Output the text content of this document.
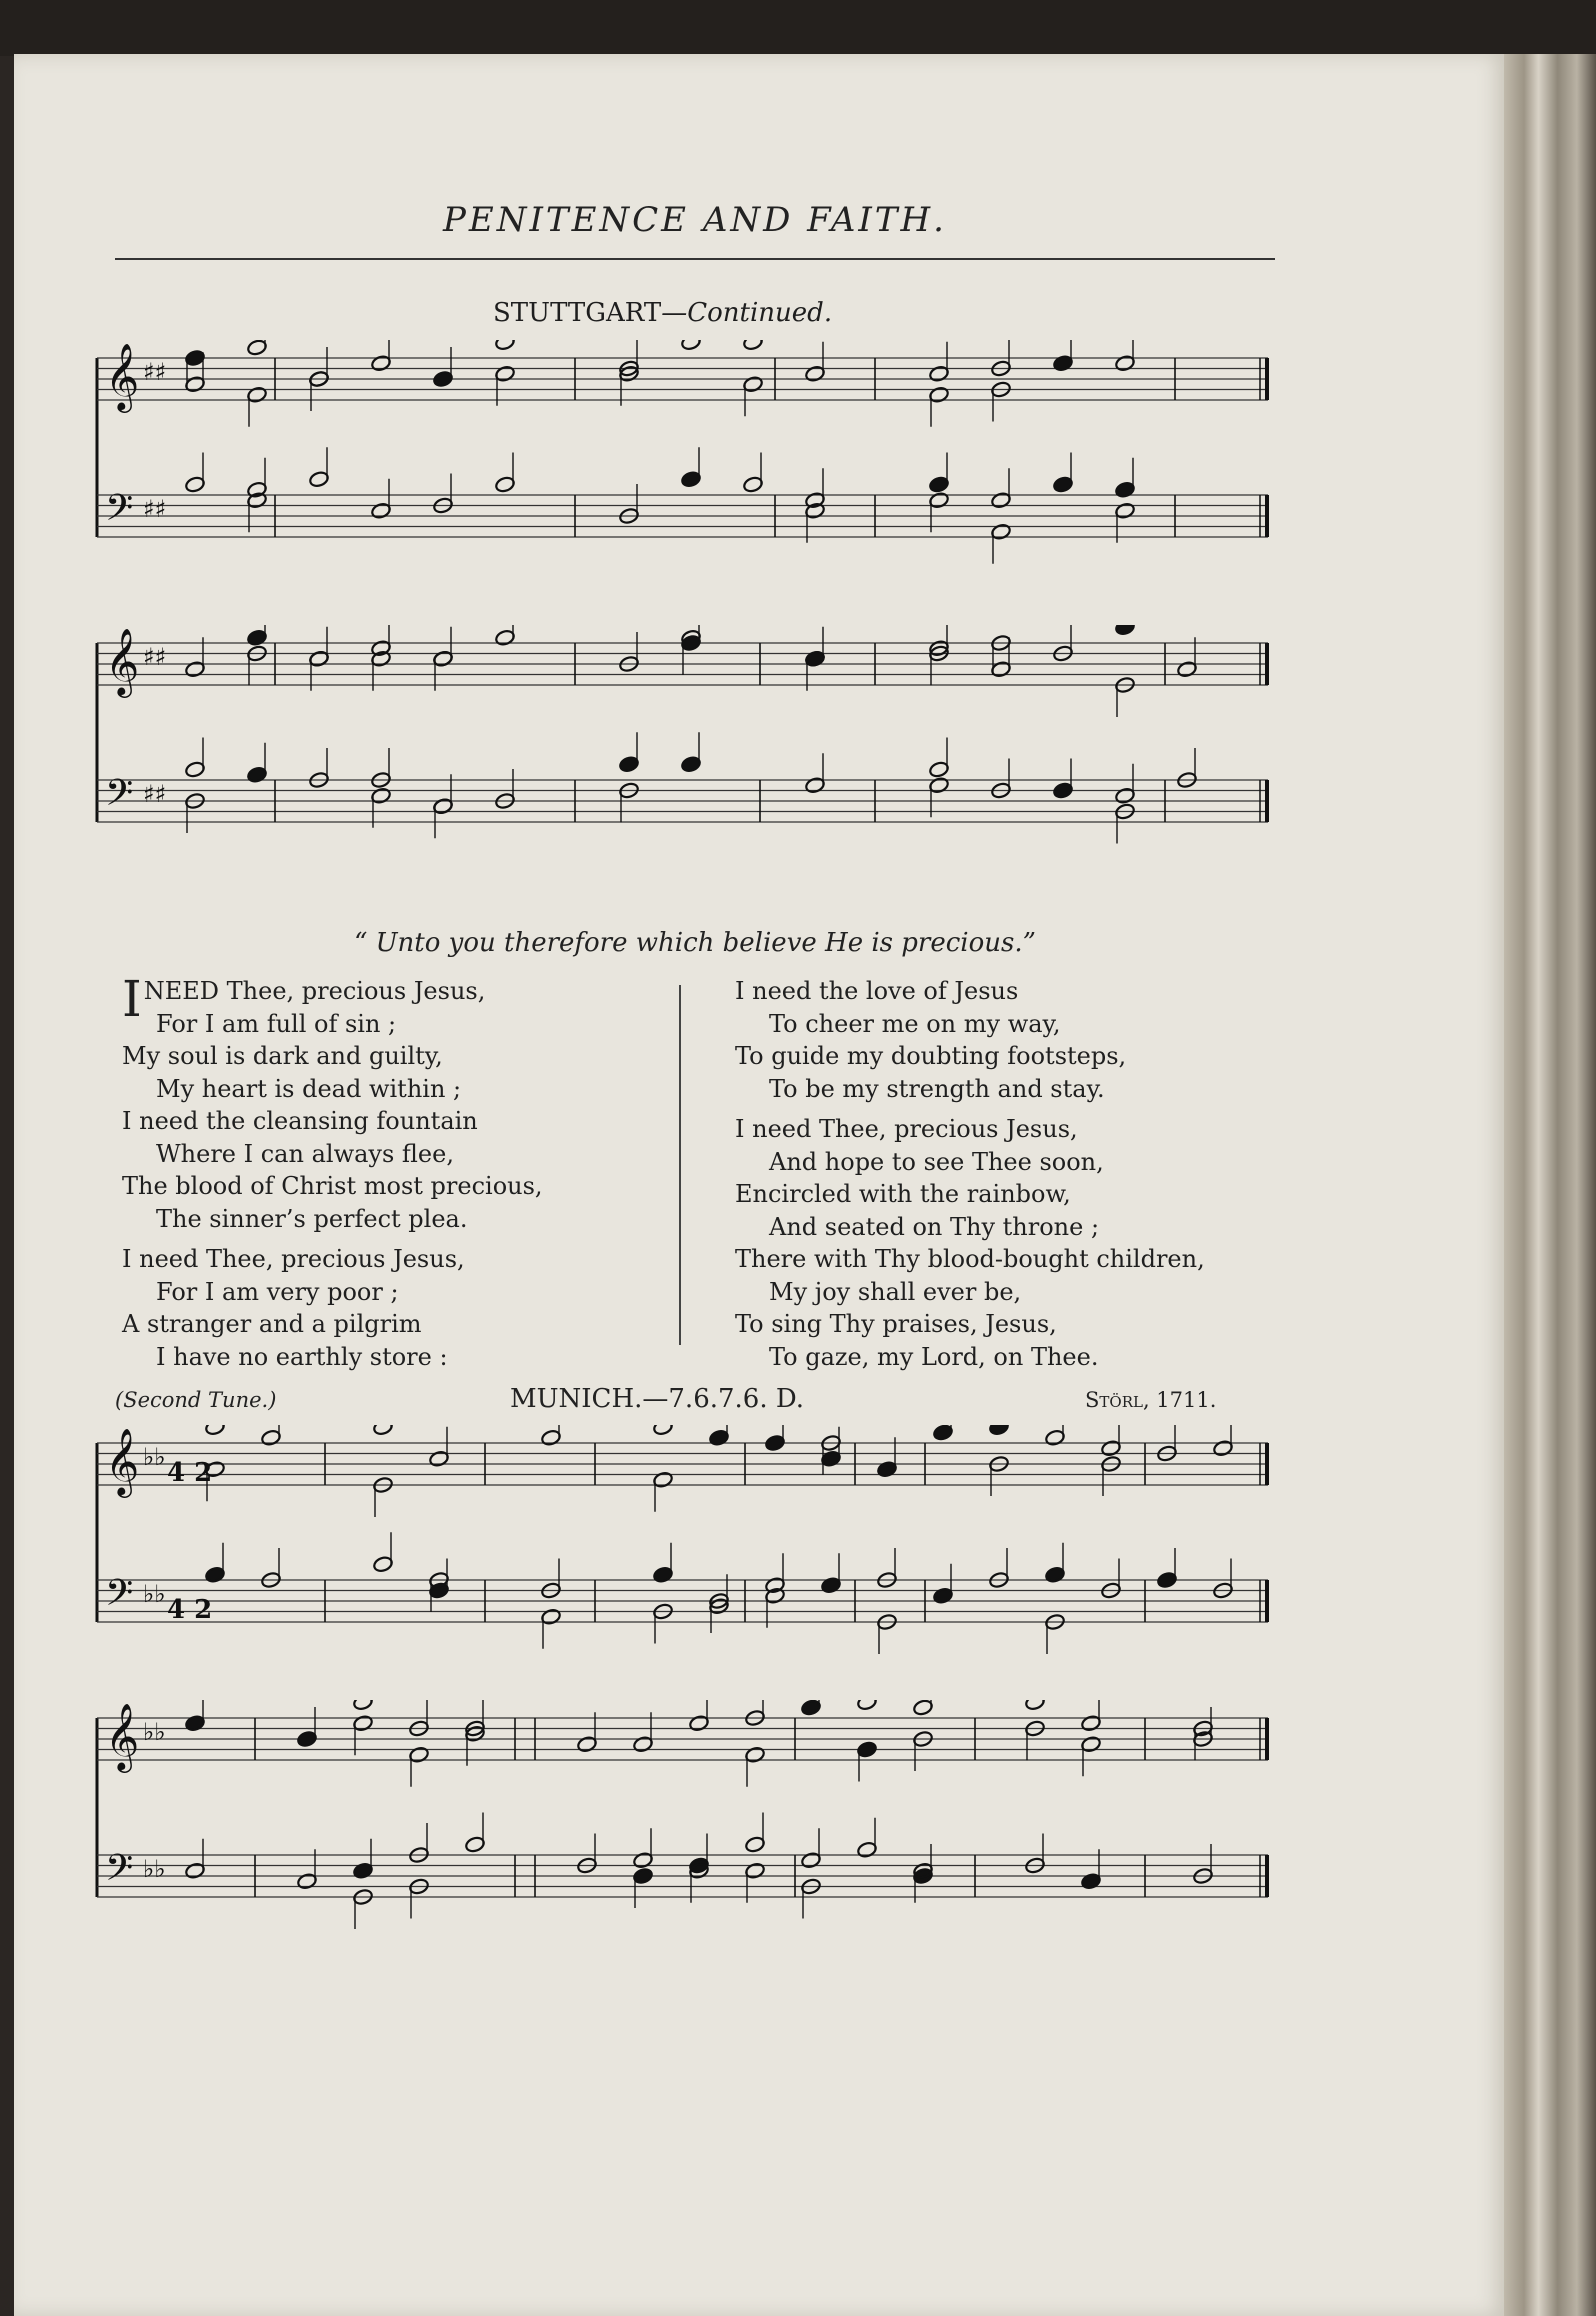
PENITENCE AND FAITH.
STUTTGART—Continued.
𝄞 ♯♯
𝄢 ♯♯
𝄞 ♯♯
𝄢 ♯♯
“ Unto you therefore which believe He is precious.”
INEED Thee, precious Jesus,
For I am full of sin ;
My soul is dark and guilty,
My heart is dead within ;
I need the cleansing fountain
Where I can always flee,
The blood of Christ most precious,
The sinner’s perfect plea.
I need Thee, precious Jesus,
For I am very poor ;
A stranger and a pilgrim
I have no earthly store :
I need the love of Jesus
To cheer me on my way,
To guide my doubting footsteps,
To be my strength and stay.
I need Thee, precious Jesus,
And hope to see Thee soon,
Encircled with the rainbow,
And seated on Thy throne ;
There with Thy blood-bought children,
My joy shall ever be,
To sing Thy praises, Jesus,
To gaze, my Lord, on Thee.
(Second Tune.)	MUNICH.—7.6.7.6. D.	Störl, 1711.
𝄞 ♭♭
4 2
𝄢 ♭♭
4 2
𝄞 ♭♭
𝄢 ♭♭
